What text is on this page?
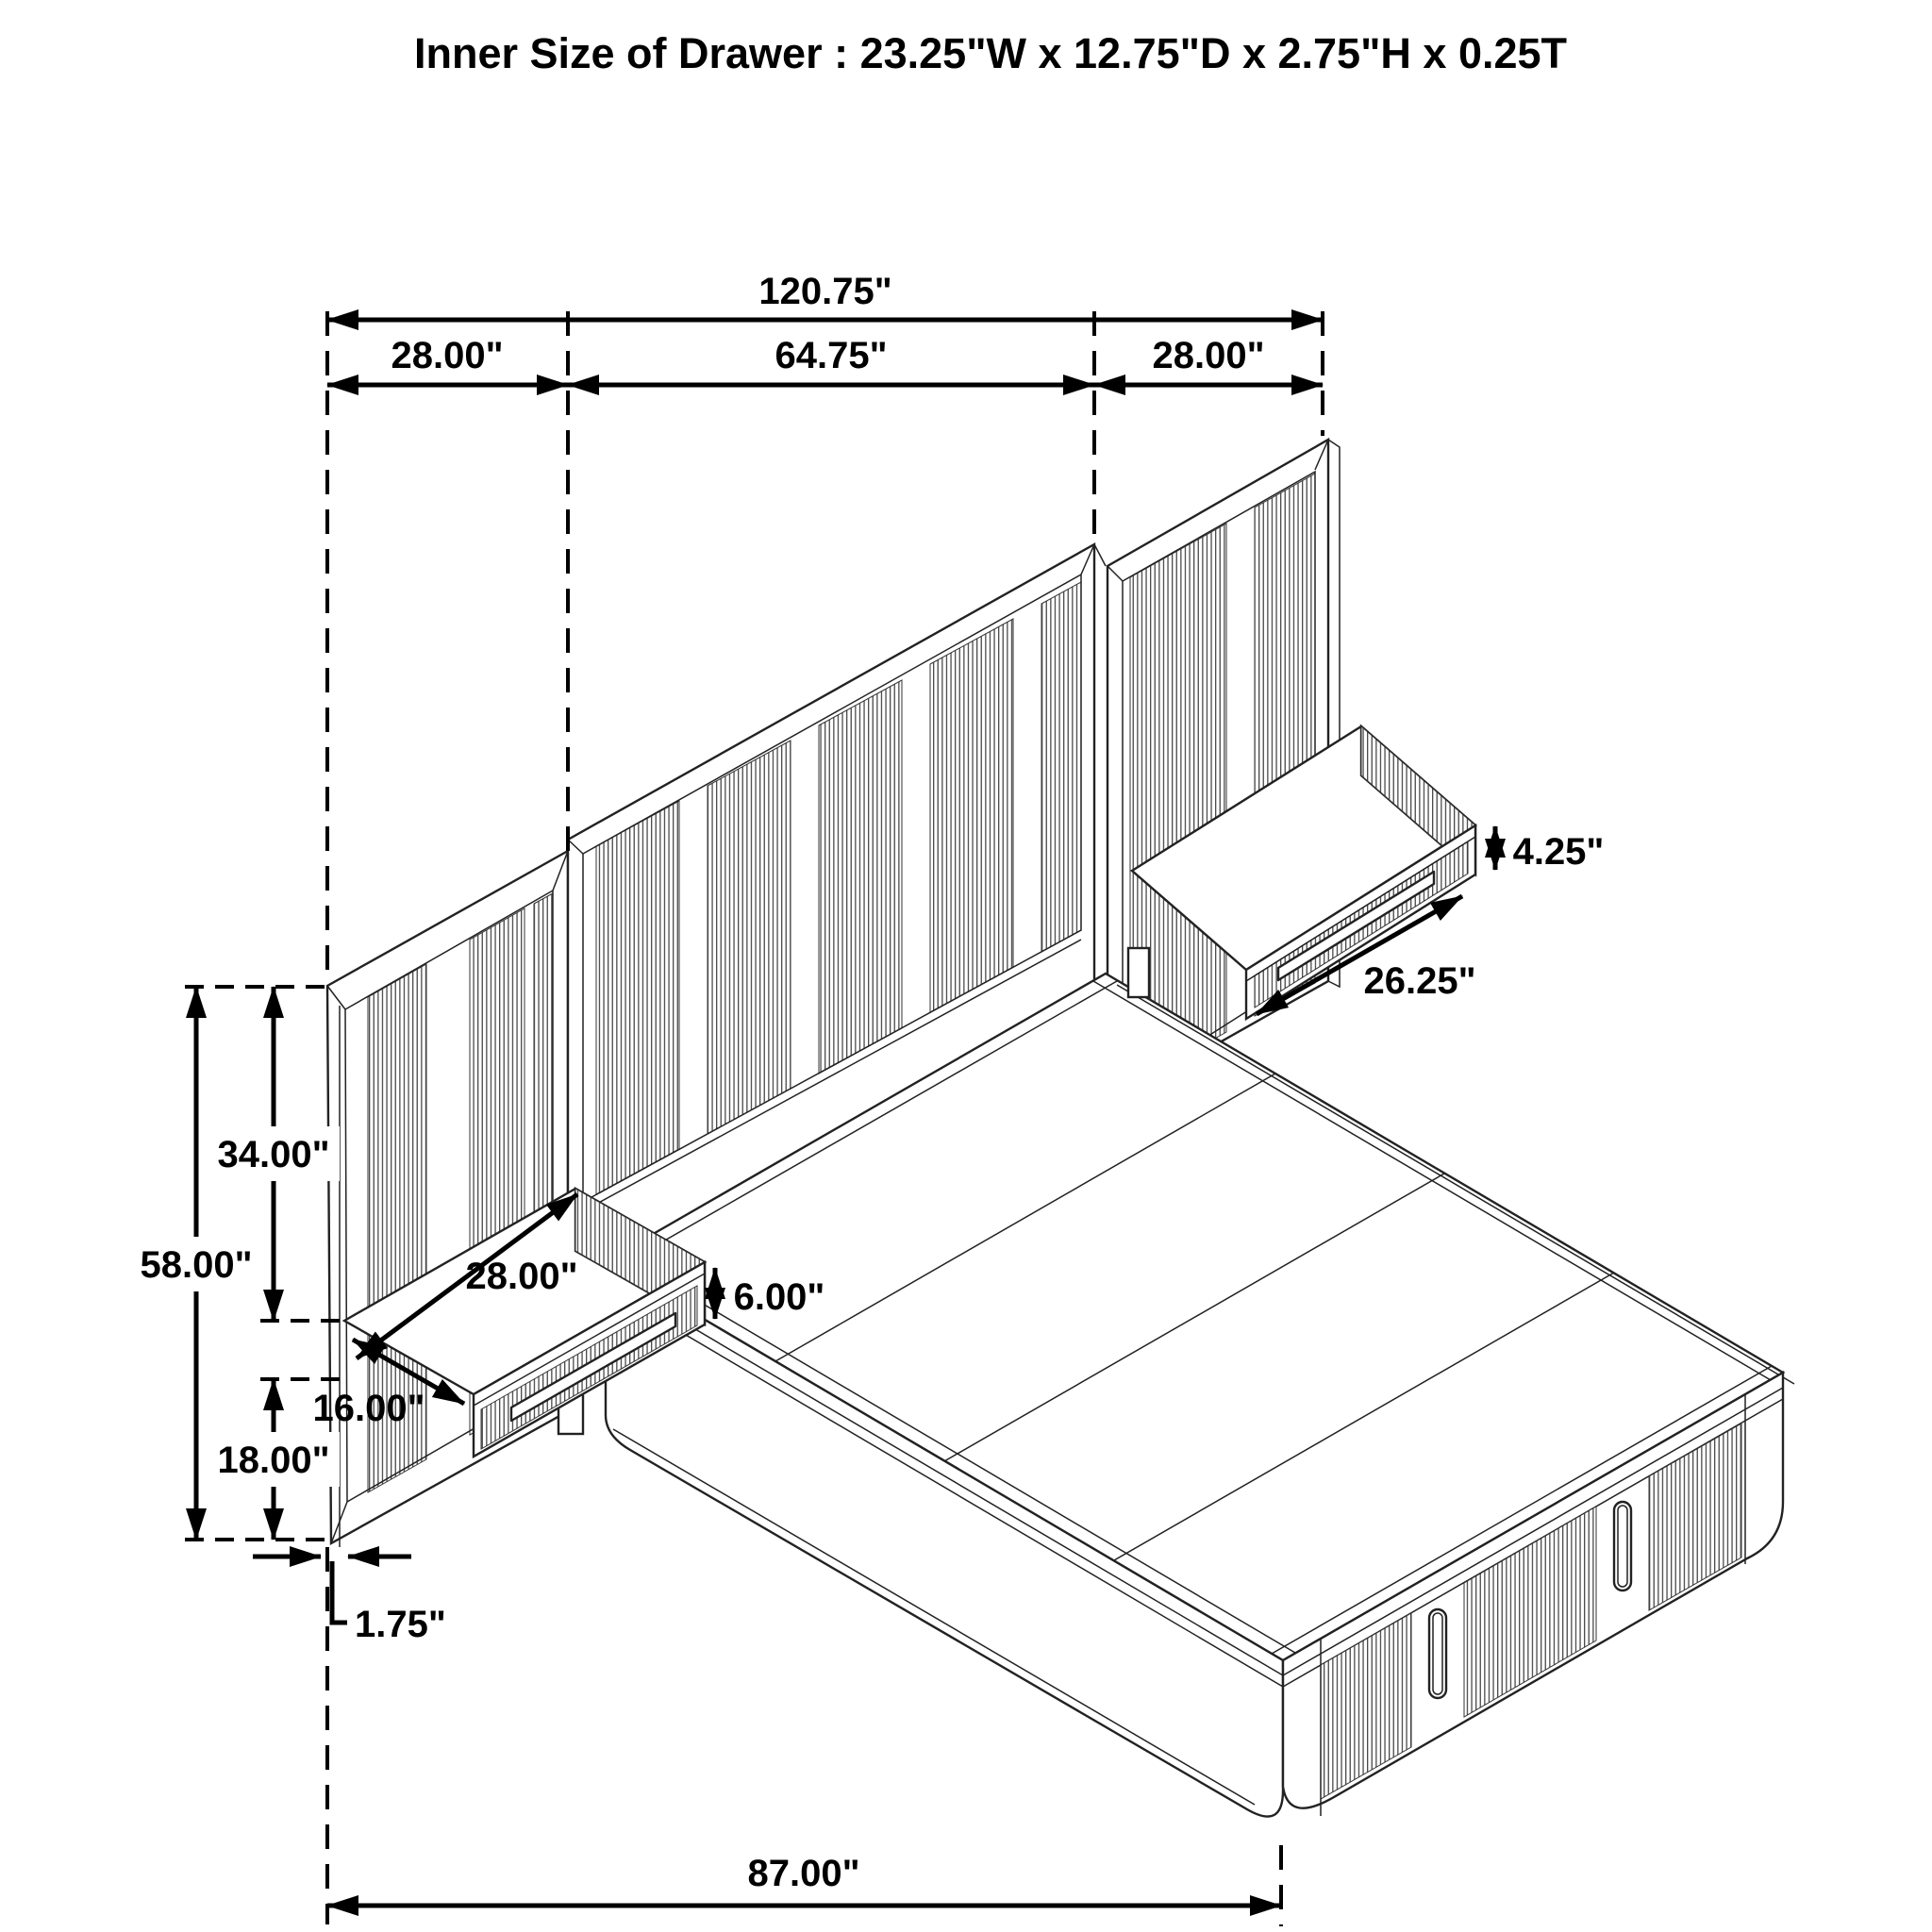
Inner Size of Drawer : 23.25"W x 12.75"D x 2.75"H x 0.25T
120.75"
28.00"	64.75"	28.00"
58.00"
34.00"
18.00"
1.75"
87.00"
28.00"
16.00"
6.00"
4.25"
26.25"
